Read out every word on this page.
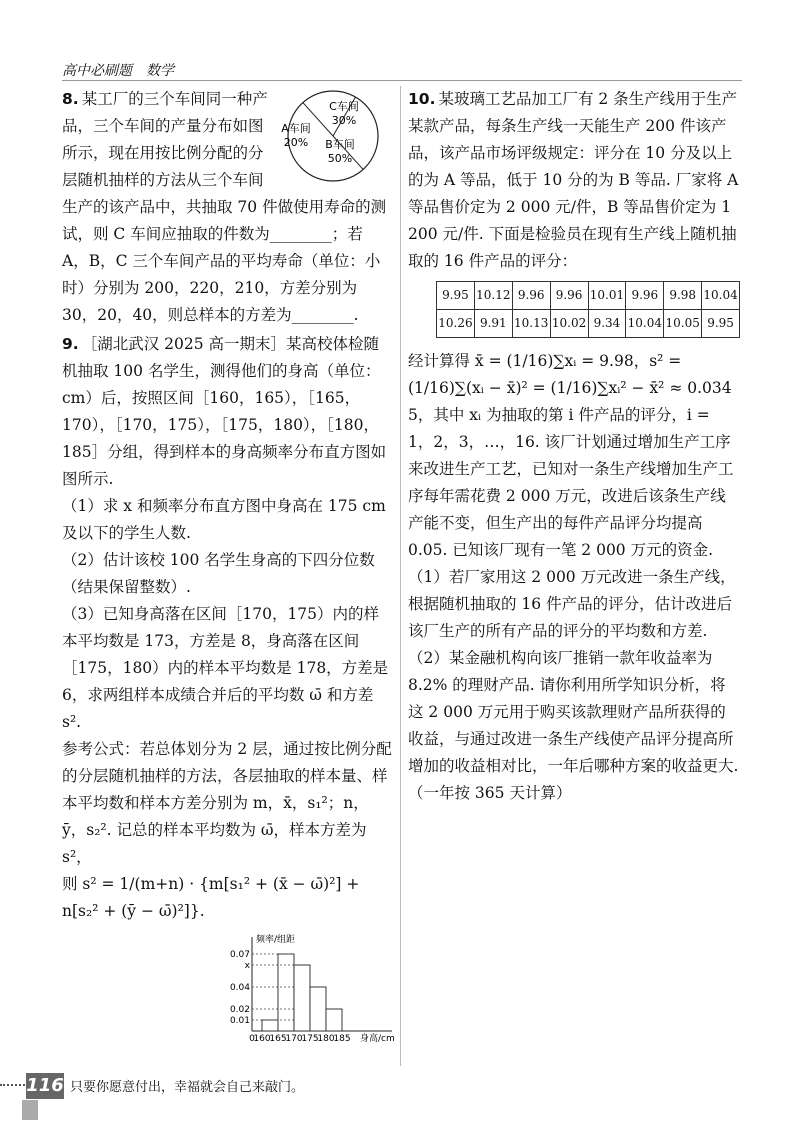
高中必刷题　数学
C车间
30%
B车间
50%
A车间
20%

8. 某工厂的三个车间同一种产品，三个车间的产量分布如图所示，现在用按比例分配的分层随机抽样的方法从三个车间生产的该产品中，共抽取 70 件做使用寿命的测试，则 C 车间应抽取的件数为________；若 A，B，C 三个车间产品的平均寿命（单位：小时）分别为 200，220，210，方差分别为 30，20，40，则总样本的方差为________.

9. ［湖北武汉 2025 高一期末］某高校体检随机抽取 100 名学生，测得他们的身高（单位：cm）后，按照区间［160，165），［165，170），［170，175），［175，180），［180，185］分组，得到样本的身高频率分布直方图如图所示.

（1）求 x 和频率分布直方图中身高在 175 cm 及以下的学生人数.

（2）估计该校 100 名学生身高的下四分位数（结果保留整数）.

（3）已知身高落在区间［170，175）内的样本平均数是 173，方差是 8，身高落在区间［175，180）内的样本平均数是 178，方差是 6，求两组样本成绩合并后的平均数 ω̄ 和方差 s².

参考公式：若总体划分为 2 层，通过按比例分配的分层随机抽样的方法，各层抽取的样本量、样本平均数和样本方差分别为 m，x̄，s₁²；n，ȳ，s₂². 记总的样本平均数为 ω̄，样本方差为 s²，

则 s² = 1/(m+n) · {m[s₁² + (x̄ − ω̄)²] + n[s₂² + (ȳ − ω̄)²]}.

频率/组距
身高/cm
0.01
0.02
0.04
x
0.07
0
160
165
170
175
180
185

10. 某玻璃工艺品加工厂有 2 条生产线用于生产某款产品，每条生产线一天能生产 200 件该产品，该产品市场评级规定：评分在 10 分及以上的为 A 等品，低于 10 分的为 B 等品. 厂家将 A 等品售价定为 2 000 元/件，B 等品售价定为 1 200 元/件. 下面是检验员在现有生产线上随机抽取的 16 件产品的评分：

9.95	10.12	9.96	9.96	10.01	9.96	9.98	10.04
10.26	9.91	10.13	10.02	9.34	10.04	10.05	9.95

经计算得 x̄ = (1/16)∑xᵢ = 9.98，s² = (1/16)∑(xᵢ − x̄)² = (1/16)∑xᵢ² − x̄² ≈ 0.034 5，其中 xᵢ 为抽取的第 i 件产品的评分，i = 1，2，3，…，16. 该厂计划通过增加生产工序来改进生产工艺，已知对一条生产线增加生产工序每年需花费 2 000 万元，改进后该条生产线产能不变，但生产出的每件产品评分均提高 0.05. 已知该厂现有一笔 2 000 万元的资金.

（1）若厂家用这 2 000 万元改进一条生产线，根据随机抽取的 16 件产品的评分，估计改进后该厂生产的所有产品的评分的平均数和方差.

（2）某金融机构向该厂推销一款年收益率为 8.2% 的理财产品. 请你利用所学知识分析，将这 2 000 万元用于购买该款理财产品所获得的收益，与通过改进一条生产线使产品评分提高所增加的收益相对比，一年后哪种方案的收益更大.（一年按 365 天计算）

116 只要你愿意付出，幸福就会自己来敲门。
